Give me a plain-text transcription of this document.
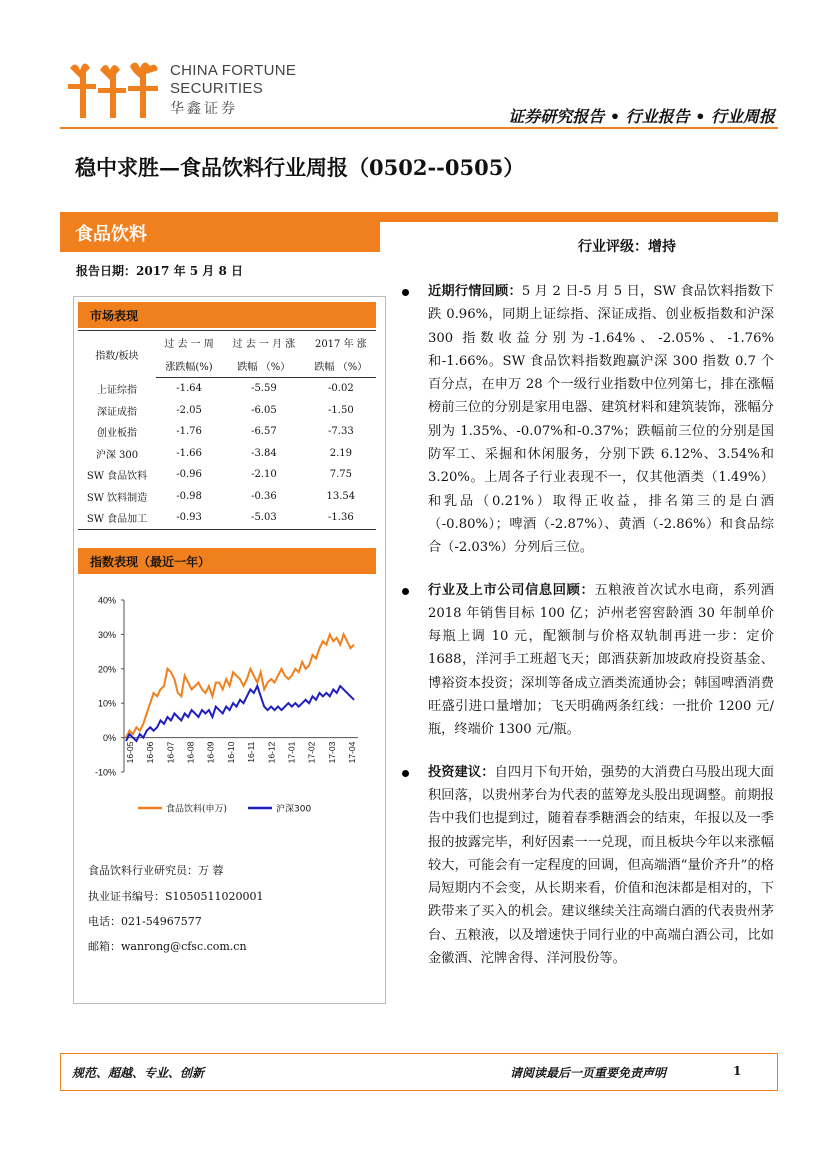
CHINA FORTUNE
SECURITIES
华鑫证券	证券研究报告 • 行业报告 • 行业周报
稳中求胜—食品饮料行业周报（0502--0505）
食品饮料
行业评级：增持
报告日期：2017 年 5 月 8 日
市场表现
指数/板块	过 去 一 周	过 去 一 月 涨	2017 年 涨
	涨跌幅(%)	跌幅 （%）	跌幅 （%）
上证综指	-1.64	-5.59	-0.02
深证成指	-2.05	-6.05	-1.50
创业板指	-1.76	-6.57	-7.33
沪深 300	-1.66	-3.84	2.19
SW 食品饮料	-0.96	-2.10	7.75
SW 饮料制造	-0.98	-0.36	13.54
SW 食品加工	-0.93	-5.03	-1.36
指数表现（最近一年）
40%
30%
20%
10%
0%
-10%
16-05 16-06 16-07 16-08 16-09 16-10 16-11 16-12 17-01 17-02 17-03 17-04
食品饮料(申万)	沪深300
食品饮料行业研究员：万 蓉
执业证书编号：S1050511020001
电话：021-54967577
邮箱：wanrong@cfsc.com.cn
近期行情回顾：5 月 2 日-5 月 5 日，SW 食品饮料指数下跌 0.96%，同期上证综指、深证成指、创业板指数和沪深 300 指数收益分别为-1.64%、-2.05%、-1.76%和-1.66%。SW 食品饮料指数跑赢沪深 300 指数 0.7 个百分点，在申万 28 个一级行业指数中位列第七，排在涨幅榜前三位的分别是家用电器、建筑材料和建筑装饰，涨幅分别为 1.35%、-0.07%和-0.37%；跌幅前三位的分别是国防军工、采掘和休闲服务，分别下跌 6.12%、3.54%和 3.20%。上周各子行业表现不一，仅其他酒类（1.49%）和乳品（0.21%）取得正收益，排名第三的是白酒（-0.80%）；啤酒（-2.87%）、黄酒（-2.86%）和食品综合（-2.03%）分列后三位。
行业及上市公司信息回顾：五粮液首次试水电商，系列酒 2018 年销售目标 100 亿；泸州老窖窖龄酒 30 年制单价每瓶上调 10 元，配额制与价格双轨制再进一步：定价 1688，洋河手工班超飞天；郎酒获新加坡政府投资基金、博裕资本投资；深圳等备成立酒类流通协会；韩国啤酒消费旺盛引进口量增加；飞天明确两条红线：一批价 1200 元/瓶，终端价 1300 元/瓶。
投资建议：自四月下旬开始，强势的大消费白马股出现大面积回落，以贵州茅台为代表的蓝筹龙头股出现调整。前期报告中我们也提到过，随着春季糖酒会的结束，年报以及一季报的披露完毕，利好因素一一兑现，而且板块今年以来涨幅较大，可能会有一定程度的回调，但高端酒“量价齐升”的格局短期内不会变，从长期来看，价值和泡沫都是相对的，下跌带来了买入的机会。建议继续关注高端白酒的代表贵州茅台、五粮液，以及增速快于同行业的中高端白酒公司，比如金徽酒、沱牌舍得、洋河股份等。
规范、超越、专业、创新	请阅读最后一页重要免责声明	1
